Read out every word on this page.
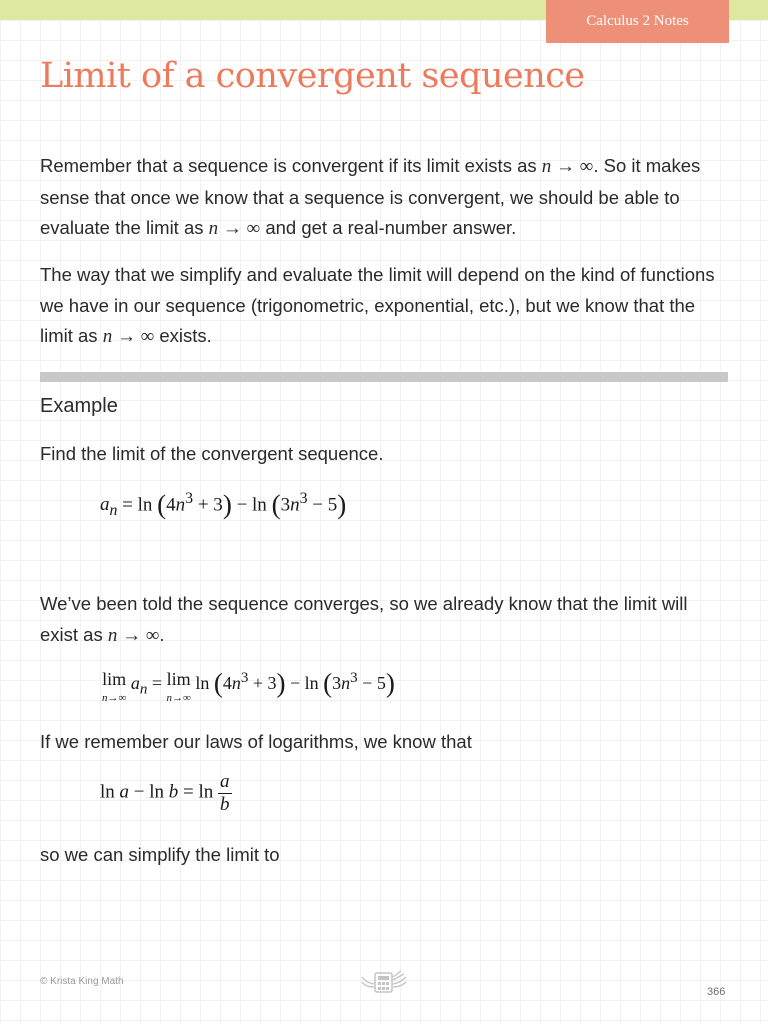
Calculus 2 Notes
Limit of a convergent sequence

Remember that a sequence is convergent if its limit exists as n → ∞. So it makes sense that once we know that a sequence is convergent, we should be able to evaluate the limit as n → ∞ and get a real-number answer.

The way that we simplify and evaluate the limit will depend on the kind of functions we have in our sequence (trigonometric, exponential, etc.), but we know that the limit as n → ∞ exists.

Example

Find the limit of the convergent sequence.

$a_n = \ln (4n^3 + 3) - \ln (3n^3 - 5)$

We’ve been told the sequence converges, so we already know that the limit will exist as n → ∞.

lim
n→∞
$a_n = \lim$
n→∞
$\ln (4n^3 + 3) - \ln (3n^3 - 5)$

If we remember our laws of logarithms, we know that

$\ln a - \ln b = \ln \frac{a}{b}$

so we can simplify the limit to

© Krista King Math
366
